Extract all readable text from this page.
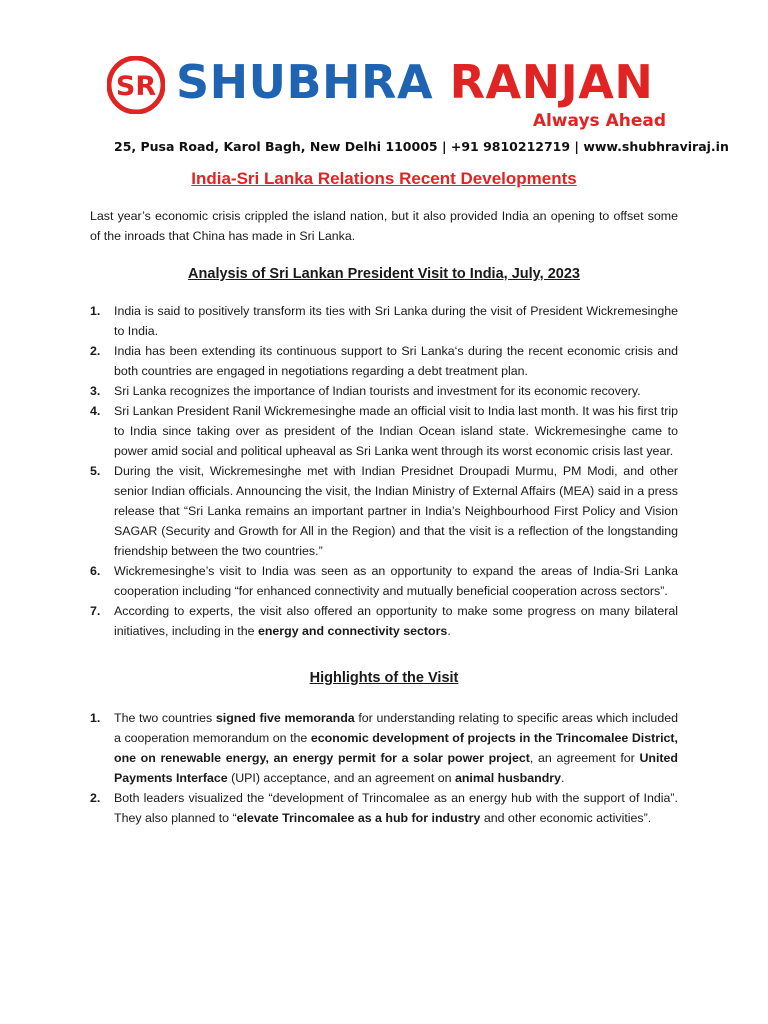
SR SHUBHRA RANJAN
Always Ahead
25, Pusa Road, Karol Bagh, New Delhi 110005 | +91 9810212719 | www.shubhraviraj.in
India-Sri Lanka Relations Recent Developments

Last year’s economic crisis crippled the island nation, but it also provided India an opening to offset some of the inroads that China has made in Sri Lanka.

Analysis of Sri Lankan President Visit to India, July, 2023
1. India is said to positively transform its ties with Sri Lanka during the visit of President Wickremesinghe to India.
2. India has been extending its continuous support to Sri Lanka‘s during the recent economic crisis and both countries are engaged in negotiations regarding a debt treatment plan.
3. Sri Lanka recognizes the importance of Indian tourists and investment for its economic recovery.
4. Sri Lankan President Ranil Wickremesinghe made an official visit to India last month. It was his first trip to India since taking over as president of the Indian Ocean island state. Wickremesinghe came to power amid social and political upheaval as Sri Lanka went through its worst economic crisis last year.
5. During the visit, Wickremesinghe met with Indian Presidnet Droupadi Murmu, PM Modi, and other senior Indian officials. Announcing the visit, the Indian Ministry of External Affairs (MEA) said in a press release that “Sri Lanka remains an important partner in India’s Neighbourhood First Policy and Vision SAGAR (Security and Growth for All in the Region) and that the visit is a reflection of the longstanding friendship between the two countries.”
6. Wickremesinghe’s visit to India was seen as an opportunity to expand the areas of India-Sri Lanka cooperation including “for enhanced connectivity and mutually beneficial cooperation across sectors”.
7. According to experts, the visit also offered an opportunity to make some progress on many bilateral initiatives, including in the energy and connectivity sectors.
Highlights of the Visit
1. The two countries signed five memoranda for understanding relating to specific areas which included a cooperation memorandum on the economic development of projects in the Trincomalee District, one on renewable energy, an energy permit for a solar power project, an agreement for United Payments Interface (UPI) acceptance, and an agreement on animal husbandry.
2. Both leaders visualized the “development of Trincomalee as an energy hub with the support of India”. They also planned to “elevate Trincomalee as a hub for industry and other economic activities”.
